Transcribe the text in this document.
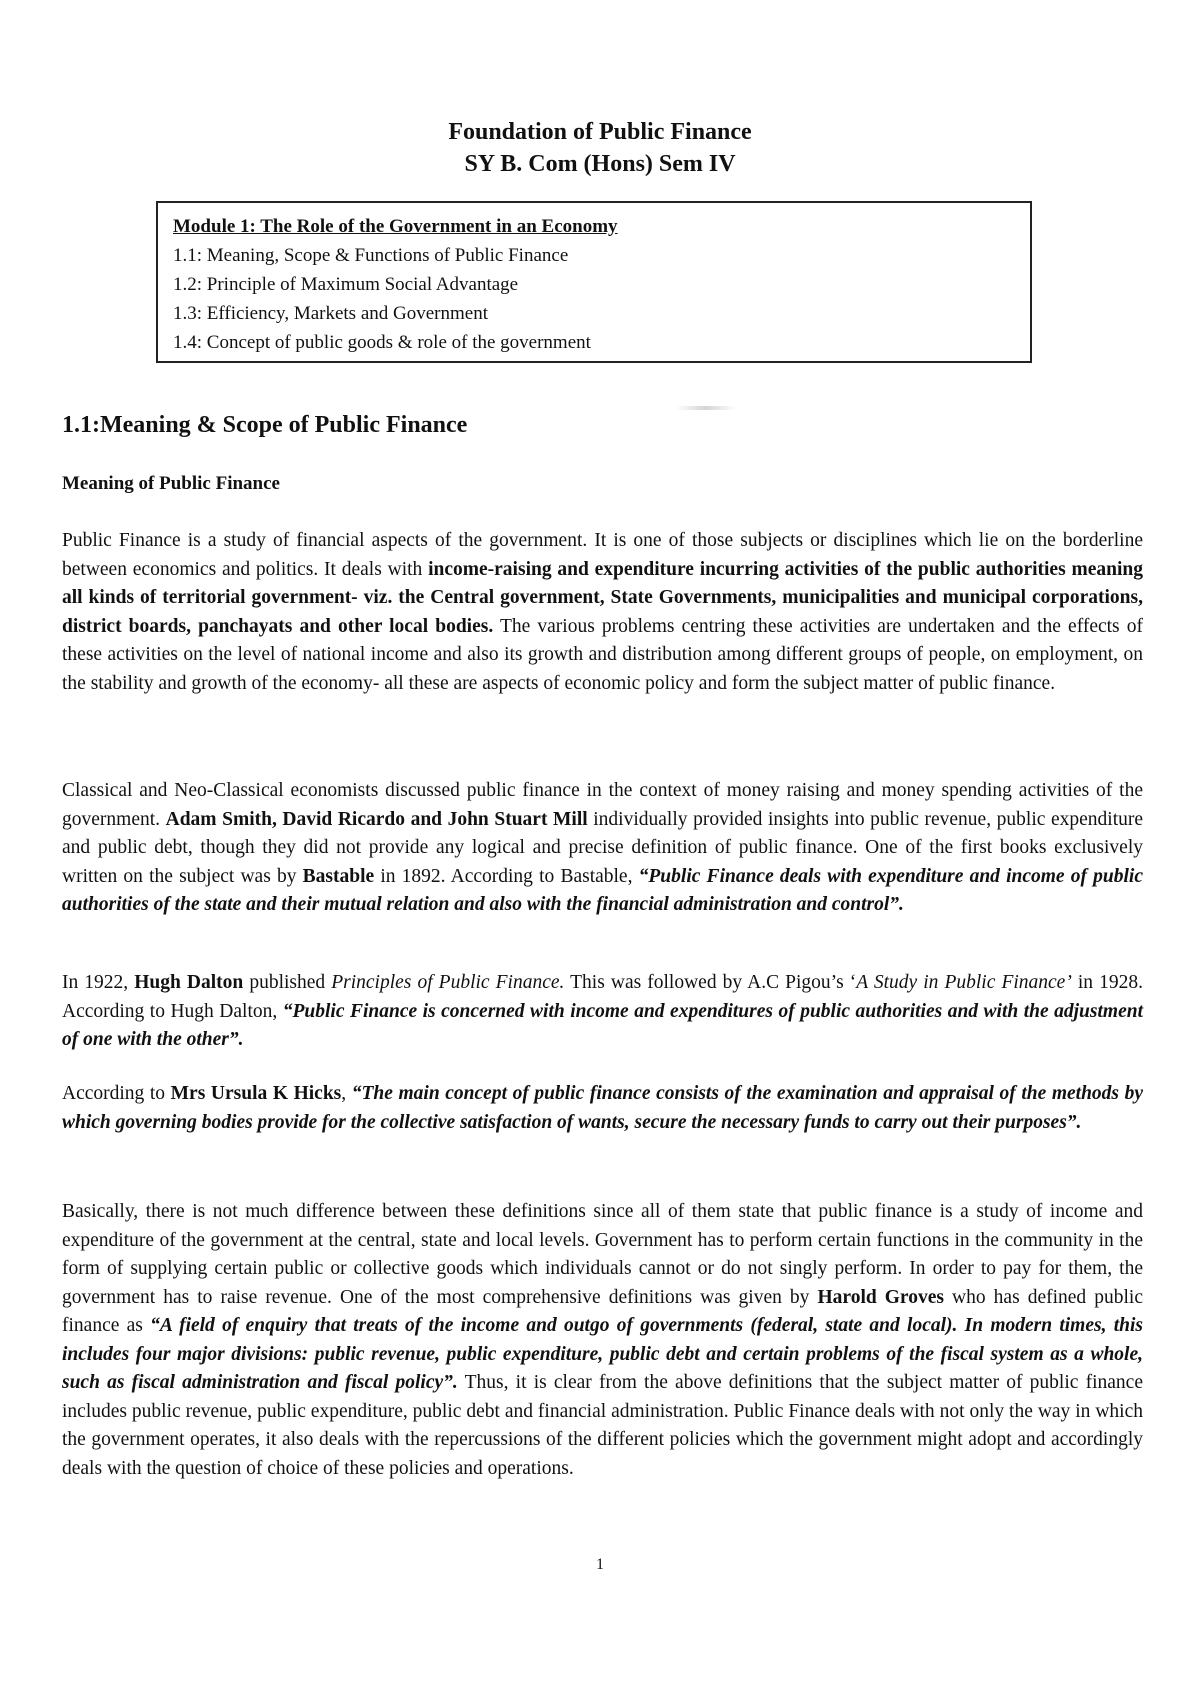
Foundation of Public Finance

SY B. Com (Hons) Sem IV

Module 1: The Role of the Government in an Economy
1.1: Meaning, Scope & Functions of Public Finance
1.2: Principle of Maximum Social Advantage
1.3: Efficiency, Markets and Government
1.4: Concept of public goods & role of the government
1.1:Meaning & Scope of Public Finance
Meaning of Public Finance

Public Finance is a study of financial aspects of the government. It is one of those subjects or disciplines which lie on the borderline between economics and politics. It deals with income-raising and expenditure incurring activities of the public authorities meaning all kinds of territorial government- viz. the Central government, State Governments, municipalities and municipal corporations, district boards, panchayats and other local bodies. The various problems centring these activities are undertaken and the effects of these activities on the level of national income and also its growth and distribution among different groups of people, on employment, on the stability and growth of the economy- all these are aspects of economic policy and form the subject matter of public finance.

Classical and Neo-Classical economists discussed public finance in the context of money raising and money spending activities of the government. Adam Smith, David Ricardo and John Stuart Mill individually provided insights into public revenue, public expenditure and public debt, though they did not provide any logical and precise definition of public finance. One of the first books exclusively written on the subject was by Bastable in 1892. According to Bastable, “Public Finance deals with expenditure and income of public authorities of the state and their mutual relation and also with the financial administration and control”.

In 1922, Hugh Dalton published Principles of Public Finance. This was followed by A.C Pigou’s ‘A Study in Public Finance’ in 1928. According to Hugh Dalton, “Public Finance is concerned with income and expenditures of public authorities and with the adjustment of one with the other”.

According to Mrs Ursula K Hicks, “The main concept of public finance consists of the examination and appraisal of the methods by which governing bodies provide for the collective satisfaction of wants, secure the necessary funds to carry out their purposes”.

Basically, there is not much difference between these definitions since all of them state that public finance is a study of income and expenditure of the government at the central, state and local levels. Government has to perform certain functions in the community in the form of supplying certain public or collective goods which individuals cannot or do not singly perform. In order to pay for them, the government has to raise revenue. One of the most comprehensive definitions was given by Harold Groves who has defined public finance as “A field of enquiry that treats of the income and outgo of governments (federal, state and local). In modern times, this includes four major divisions: public revenue, public expenditure, public debt and certain problems of the fiscal system as a whole, such as fiscal administration and fiscal policy”. Thus, it is clear from the above definitions that the subject matter of public finance includes public revenue, public expenditure, public debt and financial administration. Public Finance deals with not only the way in which the government operates, it also deals with the repercussions of the different policies which the government might adopt and accordingly deals with the question of choice of these policies and operations.

1
